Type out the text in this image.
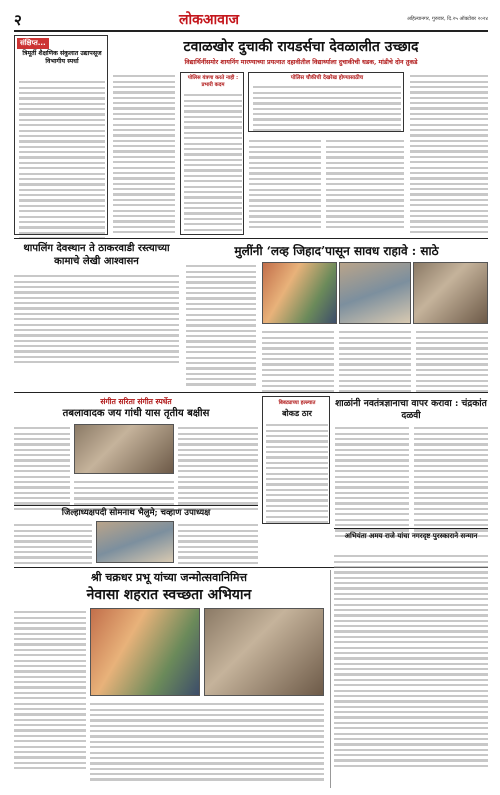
२	लोकआवाज	अहिल्यानगर, गुरुवार, दि.२५ ऑक्टोबर २०२४
संक्षिप्त...
त्रिमूर्ती शैक्षणिक संकुलात उद्यापसूज विभागीय स्पर्धा
टवाळखोर दुचाकी रायडर्सचा देवळालीत उच्छाद
विद्यार्थिनींसमोर शायनिंग मारण्याच्या प्रयत्नात दहावीतील विद्यार्थ्याला दुचाकीची धडक, मांडीचे दोन तुकडे
पोलिस यंत्रणा करते नाही : प्रभारी कदम
पोलिस चौकीची देखरेख होण्यासाठीच
थापलिंग देवस्थान ते ठाकरवाडी रस्त्याच्या कामाचे लेखी आश्वासन
मुलींनी ‘लव्ह जिहाद’पासून सावध राहावे : साठे
संगीत सरिता संगीत स्पर्धेत
तबलावादक जय गांधी यास तृतीय बक्षीस
बिबट्याच्या हल्ल्यात
बोकड ठार
शाळांनी नवतंत्रज्ञानाचा वापर करावा : चंद्रकांत दळवी
जिल्हाध्यक्षपदी सोमनाथ भैलुमे; चव्हाण उपाध्यक्ष
अभियंता अमय राजे यांचा नगरदृष्ट पुरस्काराने सन्मान
श्री चक्रधर प्रभू यांच्या जन्मोत्सवानिमित्त
नेवासा शहरात स्वच्छता अभियान
